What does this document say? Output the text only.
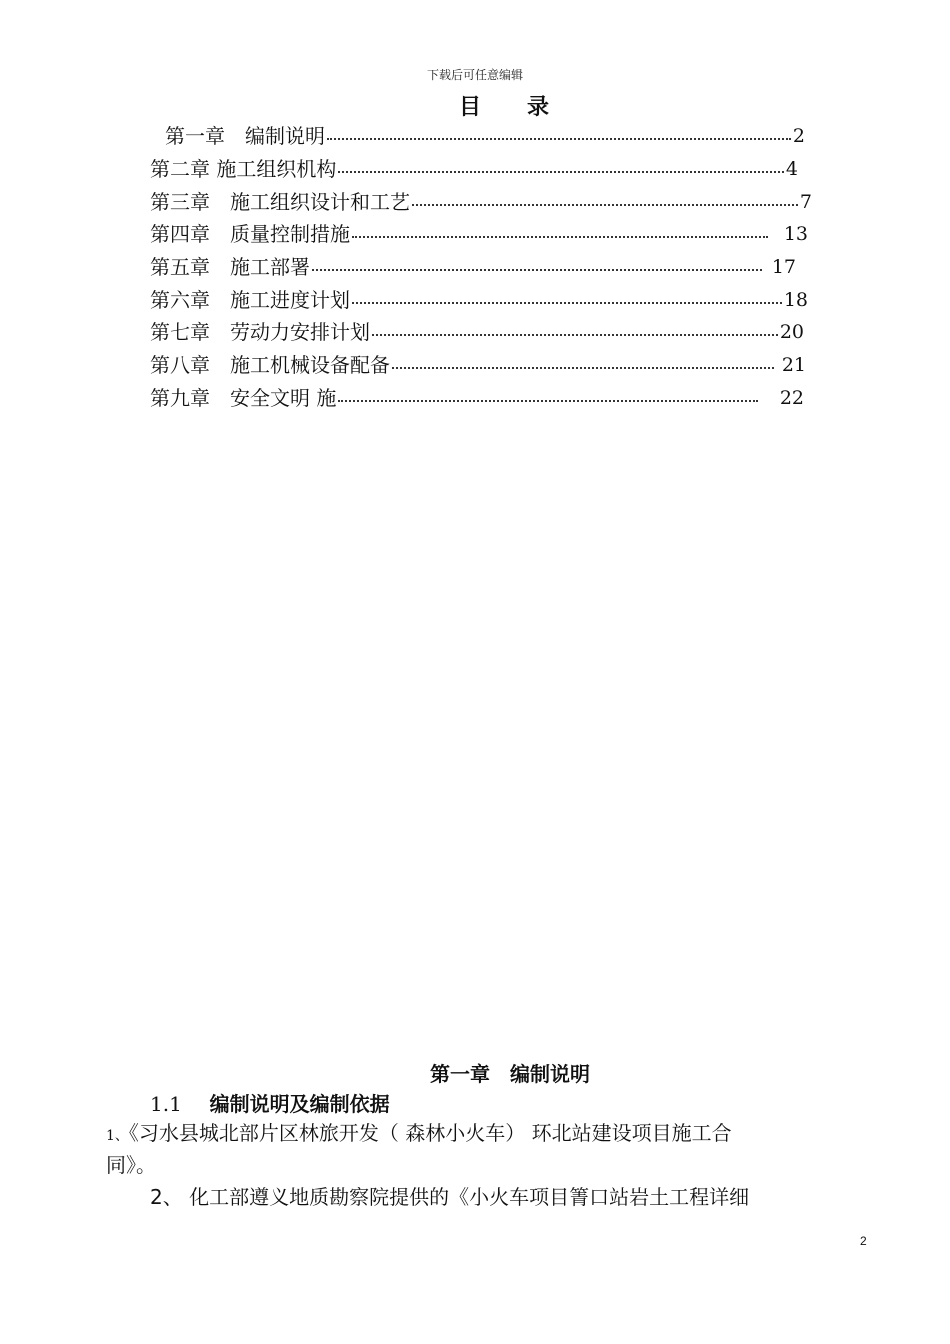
下载后可任意编辑
目 录
第一章　编制说明	2
第二章 施工组织机构	4
第三章　施工组织设计和工艺	7
第四章　质量控制措施	13
第五章　施工部署	17
第六章　施工进度计划	18
第七章　劳动力安排计划	20
第八章　施工机械设备配备	21
第九章　安全文明 施	22
第一章　编制说明
1.1 编制说明及编制依据
1、《习水县城北部片区林旅开发（ 森林小火车） 环北站建设项目施工合
同》。
2、 化工部遵义地质勘察院提供的《小火车项目箐口站岩土工程详细
2
